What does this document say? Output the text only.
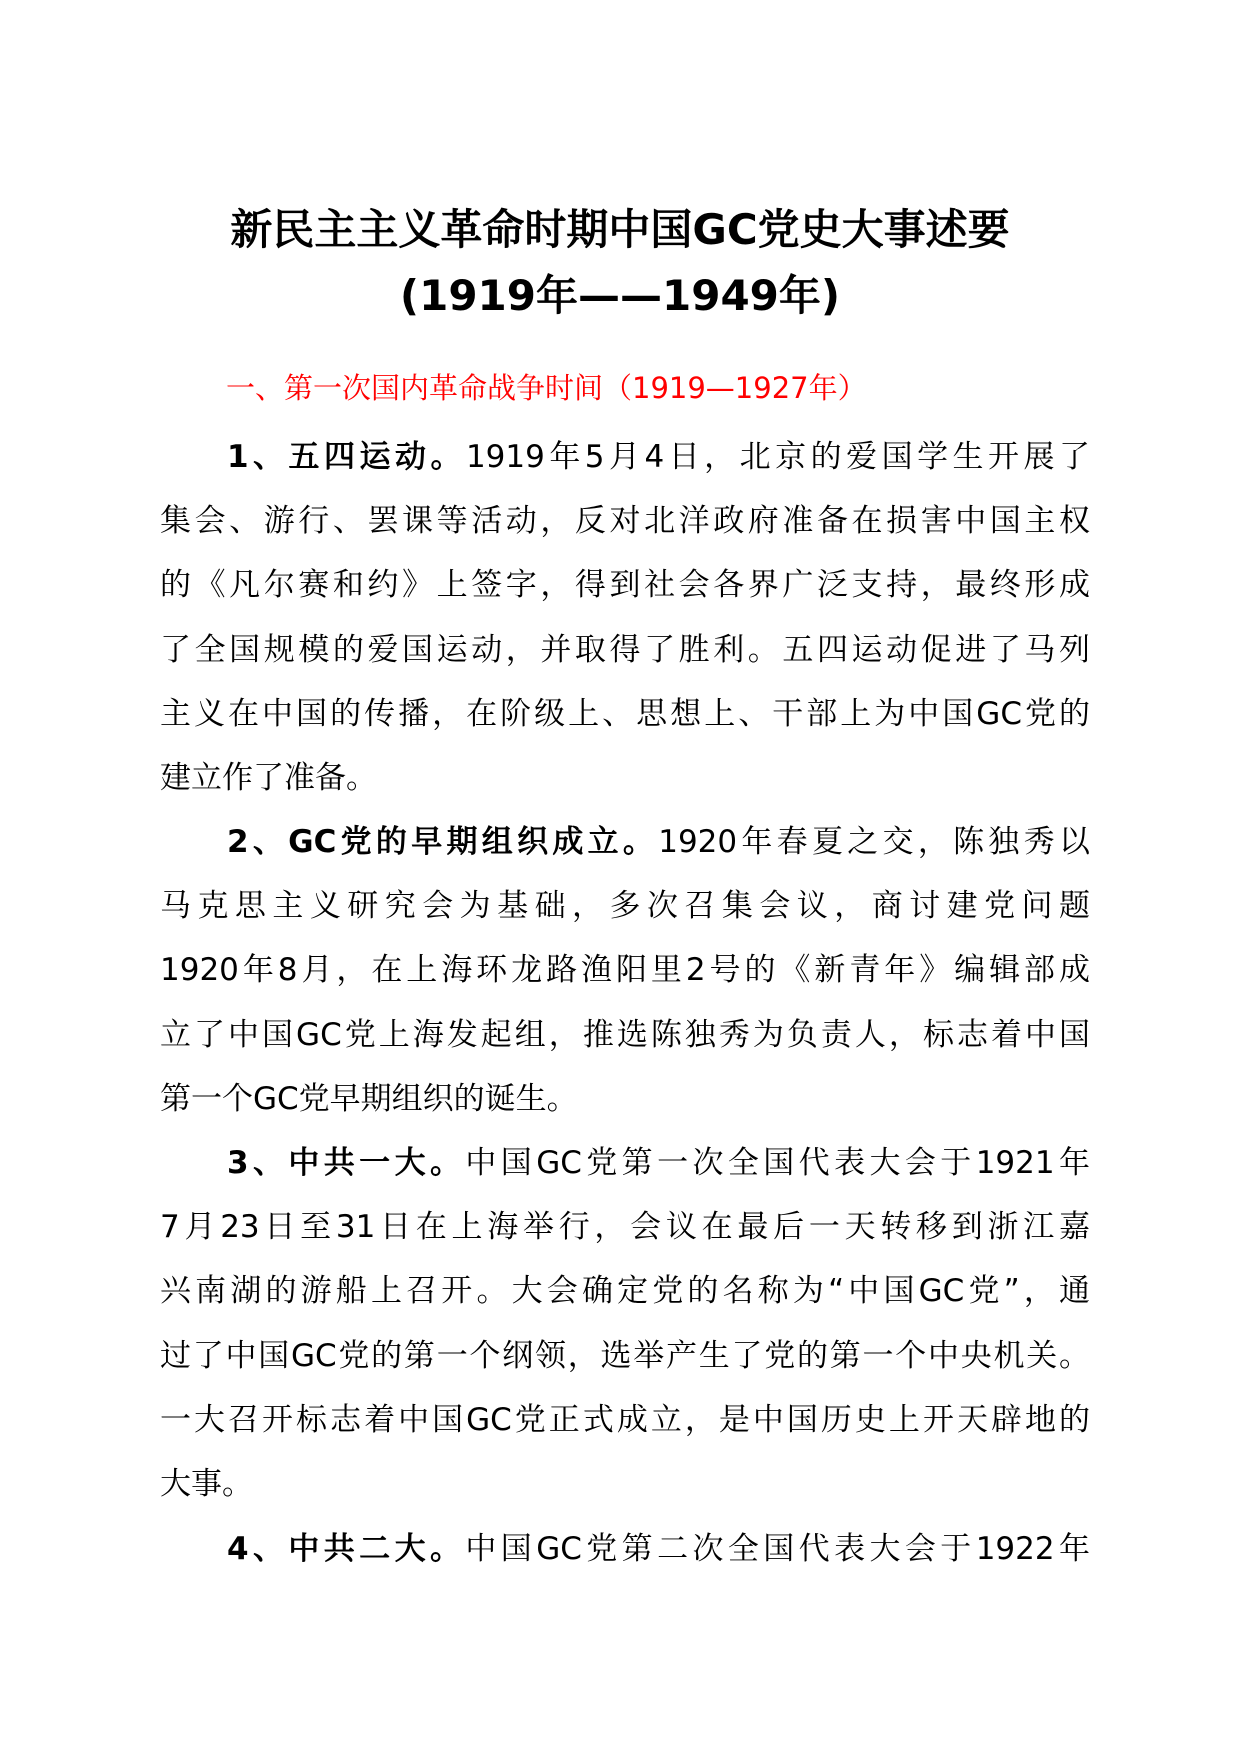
新民主主义革命时期中国GC党史大事述要
(1919年——1949年)
一、第一次国内革命战争时间（1919—1927年）
1、五四运动。1919年5月4日，北京的爱国学生开展了
集会、游行、罢课等活动，反对北洋政府准备在损害中国主权
的《凡尔赛和约》上签字，得到社会各界广泛支持，最终形成
了全国规模的爱国运动，并取得了胜利。五四运动促进了马列
主义在中国的传播，在阶级上、思想上、干部上为中国GC党的
建立作了准备。
2、GC党的早期组织成立。1920年春夏之交，陈独秀以
马克思主义研究会为基础，多次召集会议，商讨建党问题
1920年8月，在上海环龙路渔阳里2号的《新青年》编辑部成
立了中国GC党上海发起组，推选陈独秀为负责人，标志着中国
第一个GC党早期组织的诞生。
3、中共一大。中国GC党第一次全国代表大会于1921年
7月23日至31日在上海举行，会议在最后一天转移到浙江嘉
兴南湖的游船上召开。大会确定党的名称为“中国GC党”，通
过了中国GC党的第一个纲领，选举产生了党的第一个中央机关。
一大召开标志着中国GC党正式成立，是中国历史上开天辟地的
大事。
4、中共二大。中国GC党第二次全国代表大会于1922年
